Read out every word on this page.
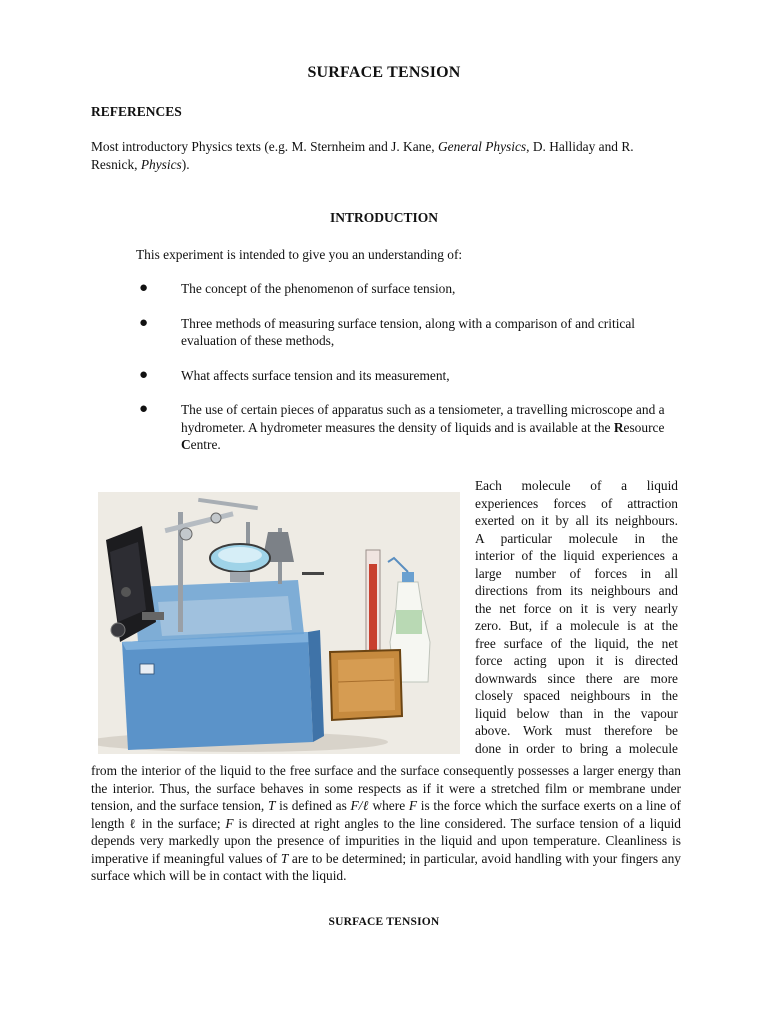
SURFACE TENSION
REFERENCES
Most introductory Physics texts (e.g. M. Sternheim and J. Kane, General Physics, D. Halliday and R. Resnick, Physics).
INTRODUCTION
This experiment is intended to give you an understanding of:
● The concept of the phenomenon of surface tension,
● Three methods of measuring surface tension, along with a comparison of and critical evaluation of these methods,
● What affects surface tension and its measurement,
● The use of certain pieces of apparatus such as a tensiometer, a travelling microscope and a hydrometer. A hydrometer measures the density of liquids and is available at the Resource Centre.
Each molecule of a liquid
experiences forces of attraction
exerted on it by all its neighbours.
A particular molecule in the
interior of the liquid experiences a
large number of forces in all
directions from its neighbours and
the net force on it is very nearly
zero. But, if a molecule is at the
free surface of the liquid, the net
force acting upon it is directed
downwards since there are more
closely spaced neighbours in the
liquid below than in the vapour
above. Work must therefore be
done in order to bring a molecule
from the interior of the liquid to the free surface and the surface consequently possesses a larger energy than the interior. Thus, the surface behaves in some respects as if it were a stretched film or membrane under tension, and the surface tension, T is defined as F/ℓ where F is the force which the surface exerts on a line of length ℓ in the surface; F is directed at right angles to the line considered. The surface tension of a liquid depends very markedly upon the presence of impurities in the liquid and upon temperature. Cleanliness is imperative if meaningful values of T are to be determined; in particular, avoid handling with your fingers any surface which will be in contact with the liquid.
SURFACE TENSION
